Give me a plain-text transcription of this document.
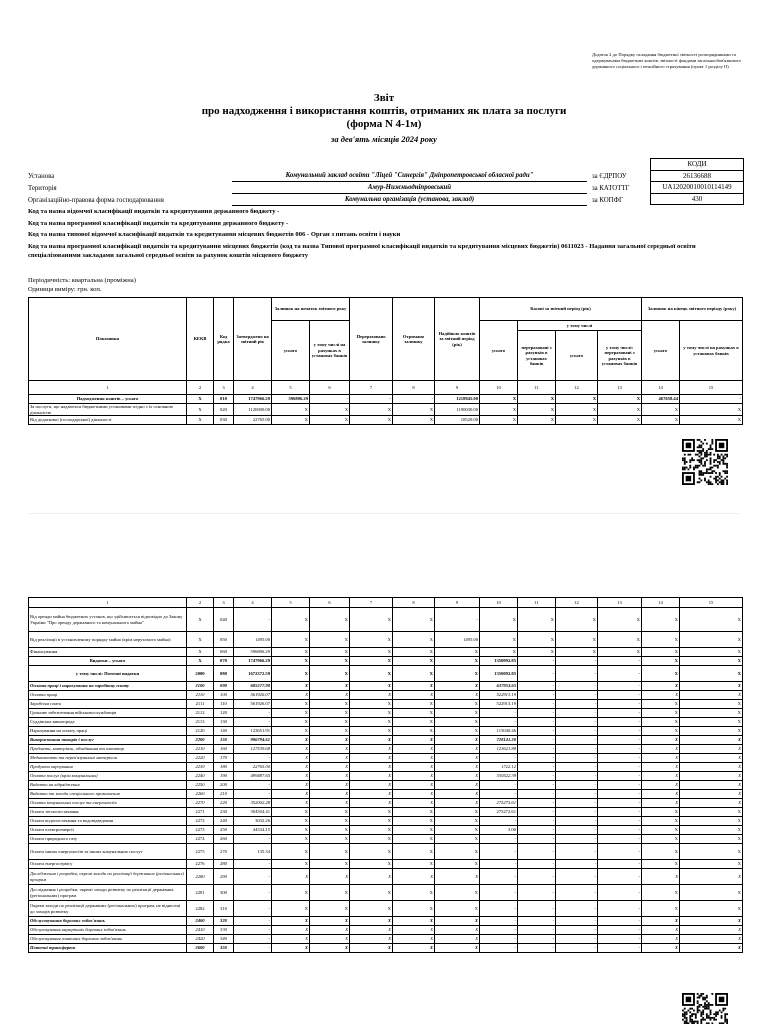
Додаток 2 до Порядку складання бюджетної звітності розпорядниками та одержувачами бюджетних коштів, звітності фондами загальнообов'язкового державного соціального і пенсійного страхування (пункт 1 розділу II)
Звіт
про надходження і використання коштів, отриманих як плата за послуги
(форма N 4-1м)
за дев'ять місяців 2024 року
КОДИ
26136688
UA12020010010114149
430
Установа	Комунальний заклад освіти "Ліцей "Синергія" Дніпропетровської обласної ради"	за ЄДРПОУ
Територія	Амур-Нижньодніпровський	за КАТОТТГ
Організаційно-правова форма господарювання	Комунальна організація (установа, заклад)	за КОПФГ
Код та назва відомчої класифікації видатків та кредитування державного бюджету -
Код та назва програмної класифікації видатків та кредитування державного бюджету -
Код та назва типової відомчої класифікації видатків та кредитування місцевих бюджетів 006 - Орган з питань освіти і науки
Код та назва програмної класифікації видатків та кредитування місцевих бюджетів (код та назва Типової програмної класифікації видатків та кредитування місцевих бюджетів) 0611023 - Надання загальної середньої освіти спеціалізованими закладами загальної середньої освіти за рахунок коштів місцевого бюджету
Періодичність: квартальна (проміжна)
Одиниця виміру: грн. коп.
Показники	КЕКВ	Код рядка	Затверджено на звітний рік	Залишок на початок звітного року		Перераховано залишку	Отримано залишку	Надійшло коштів за звітний період (рік)	Касові за звітний період (рік)				Залишок на кінець звітного періоду (року)	
				усього	у тому числі на рахунках в установах банків				усього	у тому числі			усього	у тому числі на рахунках в установах банків
										перераховані з рахунків в установах банків	усього	у тому числі: перераховані з рахунків в установах банків		
1	2	3	4	5	6	7	8	9	10	11	12	13	14	15
Надходження коштів – усього	Х	010	1747966.29	596806.29	-	-	-	1218945.00	Х	Х	Х	Х	467658.44	-
За послуги, що надаються бюджетними установами згідно з їх основною діяльністю	Х	020	1126900.00	Х	Х	Х	Х	1190030.00	Х	Х	Х	Х	Х	Х
Від додаткової (господарської) діяльності	Х	030	22765.00	Х	Х	Х	Х	18520.00	Х	Х	Х	Х	Х	Х
1	2	3	4	5	6	7	8	9	10	11	12	13	14	15
Від оренди майна бюджетних установ, що здійснюється відповідно до Закону України "Про оренду державного та комунального майна"	Х	040	-	Х	Х	Х	Х	-	Х	Х	Х	Х	Х	Х
Від реалізації в установленому порядку майна (крім нерухомого майна)	Х	050	1495.00	Х	Х	Х	Х	1495.00	Х	Х	Х	Х	Х	Х
Фінансування	Х	060	596806.29	Х	Х	Х	Х	Х	Х	Х	Х	Х	Х	Х
Видатки – усього	Х	070	1747966.29	Х	Х	Х	Х	Х	1350092.85	-	-	-	Х	Х
у тому числі: Поточні видатки	2000	080	1672372.59	Х	Х	Х	Х	Х	1350092.85	-	-	-	Х	Х
Оплата праці і нарахування на заробітну плату	2100	090	685577.98	Х	Х	Х	Х	Х	637953.65	-	-	-	Х	Х
Оплата праці	2110	100	561926.07	Х	Х	Х	Х	Х	522913.19	-	-	-	Х	Х
Заробітна плата	2111	110	561926.07	Х	Х	Х	Х	Х	522913.19	-	-	-	Х	Х
Грошове забезпечення військовослужбовців	2112	120	-	Х	Х	Х	Х	Х	-	-	-	-	Х	Х
Суддівська винагорода	2113	130	-	Х	Х	Х	Х	Х	-	-	-	-	Х	Х
Нарахування на оплату праці	2120	140	123651.91	Х	Х	Х	Х	Х	115040.46	-	-	-	Х	Х
Використання товарів і послуг	2200	150	986794.61	Х	Х	Х	Х	Х	728141.20	-	-	-	Х	Х
Предмети, матеріали, обладнання та інвентар	2210	160	127539.68	Х	Х	Х	Х	Х	123621.88	-	-	-	Х	Х
Медикаменти та перев'язувальні матеріали	2220	170	-	Х	Х	Х	Х	Х	-	-	-	-	Х	Х
Продукти харчування	2230	180	22765.00	Х	Х	Х	Х	Х	1722.12	-	-	-	Х	Х
Оплата послуг (крім комунальних)	2240	190	499487.65	Х	Х	Х	Х	Х	330522.39	-	-	-	Х	Х
Видатки на відрядження	2250	200	-	Х	Х	Х	Х	Х	-	-	-	-	Х	Х
Видатки та заходи спеціального призначення	2260	210	-	Х	Х	Х	Х	Х	-	-	-	-	Х	Х
Оплата комунальних послуг та енергоносіїв	2270	220	352002.28	Х	Х	Х	Х	Х	275275.61	-	-	-	Х	Х
Оплата теплопостачання	2271	230	304504.41	Х	Х	Х	Х	Х	275272.61	-	-	-	Х	Х
Оплата водопостачання та водовідведення	2272	240	3032.26	Х	Х	Х	Х	Х	-	-	-	-	Х	Х
Оплата електроенергії	2273	250	44534.15	Х	Х	Х	Х	Х	3.00	-	-	-	Х	Х
Оплата природного газу	2274	260	-	Х	Х	Х	Х	Х	-	-	-	-	Х	Х
Оплата інших енергоносіїв та інших комунальних послуг	2275	270	135.34	Х	Х	Х	Х	Х	-	-	-	-	Х	Х
Оплата енергосервісу	2276	280	-	Х	Х	Х	Х	Х	-	-	-	-	Х	Х
Дослідження і розробки, окремі заходи по реалізації державних (регіональних) програм	2280	290	-	Х	Х	Х	Х	Х	-	-	-	-	Х	Х
Дослідження і розробки, окремі заходи розвитку по реалізації державних (регіональних) програм	2281	300	-	Х	Х	Х	Х	Х	-	-	-	-	Х	Х
Окремі заходи по реалізації державних (регіональних) програм, не віднесені до заходів розвитку	2282	310	-	Х	Х	Х	Х	Х	-	-	-	-	Х	Х
Обслуговування боргових зобов'язань	2400	320	-	Х	Х	Х	Х	Х	-	-	-	-	Х	Х
Обслуговування внутрішніх боргових зобов'язань	2410	330	-	Х	Х	Х	Х	Х	-	-	-	-	Х	Х
Обслуговування зовнішніх боргових зобов'язань	2420	340	-	Х	Х	Х	Х	Х	-	-	-	-	Х	Х
Поточні трансферти	2600	350	-	Х	Х	Х	Х	Х	-	-	-	-	Х	Х
